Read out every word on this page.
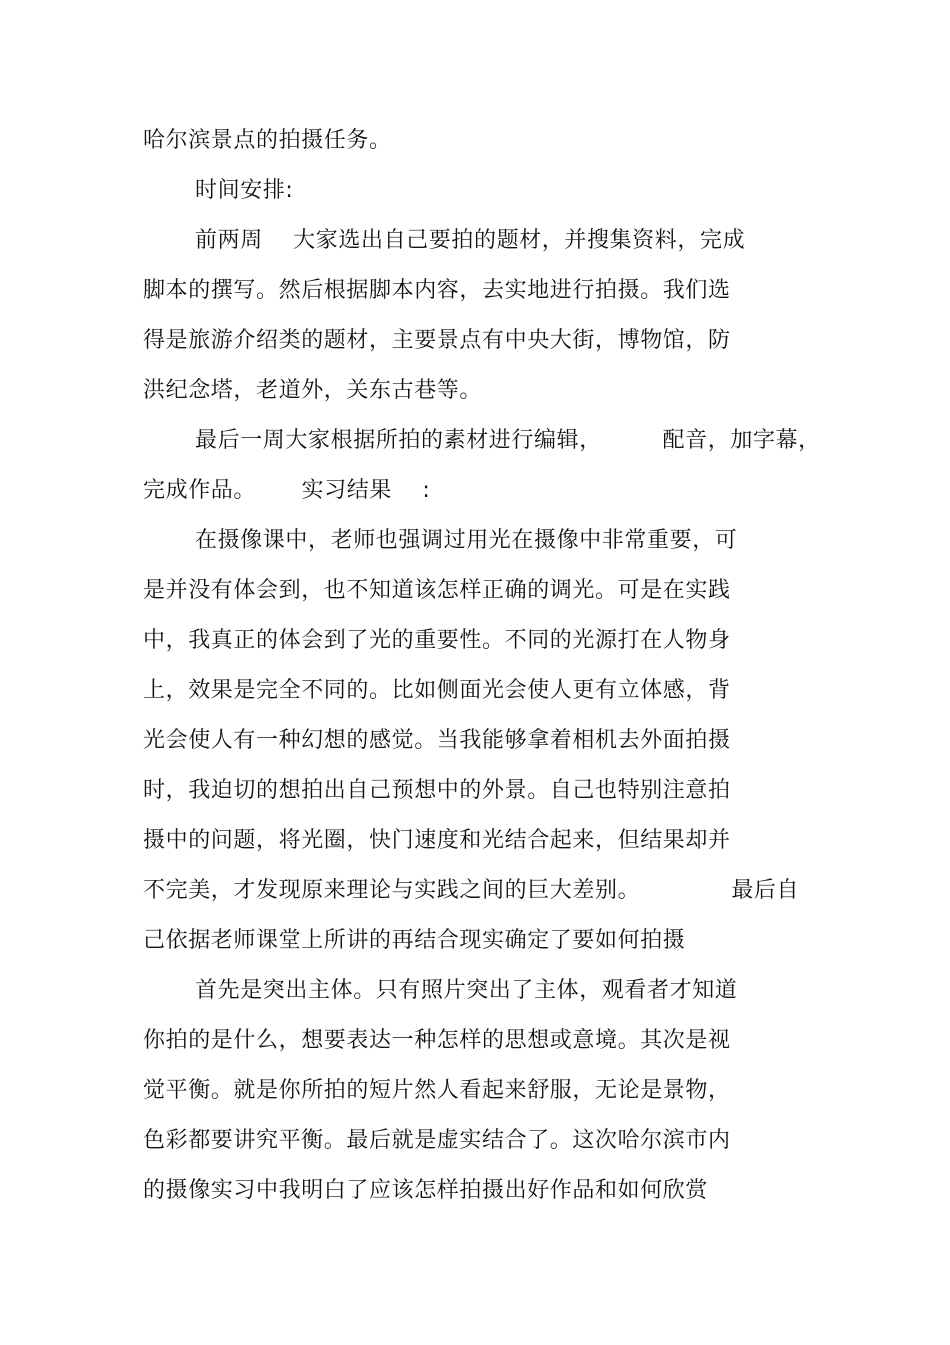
哈尔滨景点的拍摄任务。
时间安排:
前两周    大家选出自己要拍的题材，并搜集资料，完成
脚本的撰写。然后根据脚本内容，去实地进行拍摄。我们选
得是旅游介绍类的题材，主要景点有中央大街，博物馆，防
洪纪念塔，老道外，关东古巷等。
最后一周大家根据所拍的素材进行编辑，        配音，加字幕，
完成作品。      实习结果    :
在摄像课中，老师也强调过用光在摄像中非常重要，可
是并没有体会到，也不知道该怎样正确的调光。可是在实践
中，我真正的体会到了光的重要性。不同的光源打在人物身
上，效果是完全不同的。比如侧面光会使人更有立体感，背
光会使人有一种幻想的感觉。当我能够拿着相机去外面拍摄
时，我迫切的想拍出自己预想中的外景。自己也特别注意拍
摄中的问题，将光圈，快门速度和光结合起来，但结果却并
不完美，才发现原来理论与实践之间的巨大差别。            最后自
己依据老师课堂上所讲的再结合现实确定了要如何拍摄
首先是突出主体。只有照片突出了主体，观看者才知道
你拍的是什么，想要表达一种怎样的思想或意境。其次是视
觉平衡。就是你所拍的短片然人看起来舒服，无论是景物，
色彩都要讲究平衡。最后就是虚实结合了。这次哈尔滨市内
的摄像实习中我明白了应该怎样拍摄出好作品和如何欣赏
